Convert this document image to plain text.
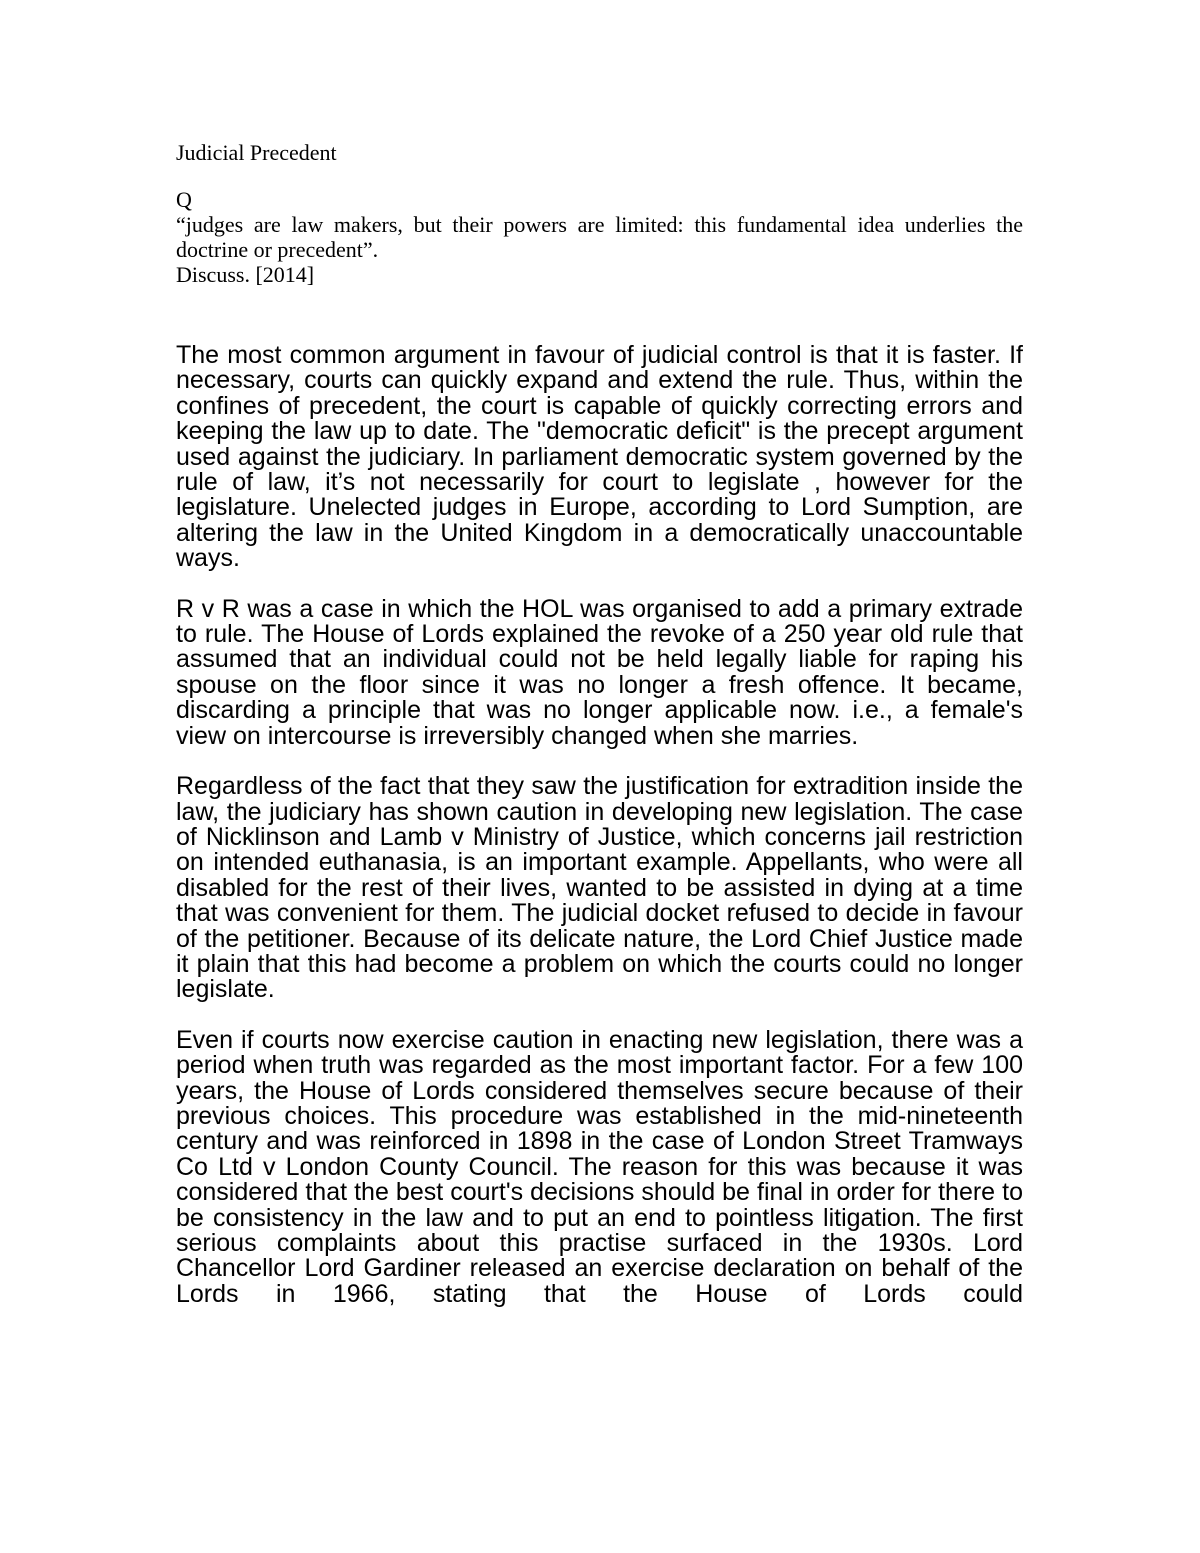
Judicial Precedent
Q
“judges are law makers, but their powers are limited: this fundamental idea underlies the doctrine or precedent”.
Discuss. [2014]

The most common argument in favour of judicial control is that it is faster. If necessary, courts can quickly expand and extend the rule. Thus, within the confines of precedent, the court is capable of quickly correcting errors and keeping the law up to date. The "democratic deficit" is the precept argument used against the judiciary. In parliament democratic system governed by the rule of law, it’s not necessarily for court to legislate , however for the legislature. Unelected judges in Europe, according to Lord Sumption, are altering the law in the United Kingdom in a democratically unaccountable ways.

R v R was a case in which the HOL was organised to add a primary extrade to rule. The House of Lords explained the revoke of a 250 year old rule that assumed that an individual could not be held legally liable for raping his spouse on the floor since it was no longer a fresh offence. It became, discarding a principle that was no longer applicable now. i.e., a female's view on intercourse is irreversibly changed when she marries.

Regardless of the fact that they saw the justification for extradition inside the law, the judiciary has shown caution in developing new legislation. The case of Nicklinson and Lamb v Ministry of Justice, which concerns jail restriction on intended euthanasia, is an important example. Appellants, who were all disabled for the rest of their lives, wanted to be assisted in dying at a time that was convenient for them. The judicial docket refused to decide in favour of the petitioner. Because of its delicate nature, the Lord Chief Justice made it plain that this had become a problem on which the courts could no longer legislate.

Even if courts now exercise caution in enacting new legislation, there was a period when truth was regarded as the most important factor. For a few 100 years, the House of Lords considered themselves secure because of their previous choices. This procedure was established in the mid-nineteenth century and was reinforced in 1898 in the case of London Street Tramways Co Ltd v London County Council. The reason for this was because it was considered that the best court's decisions should be final in order for there to be consistency in the law and to put an end to pointless litigation. The first serious complaints about this practise surfaced in the 1930s. Lord Chancellor Lord Gardiner released an exercise declaration on behalf of the Lords in 1966, stating that the House of Lords could
